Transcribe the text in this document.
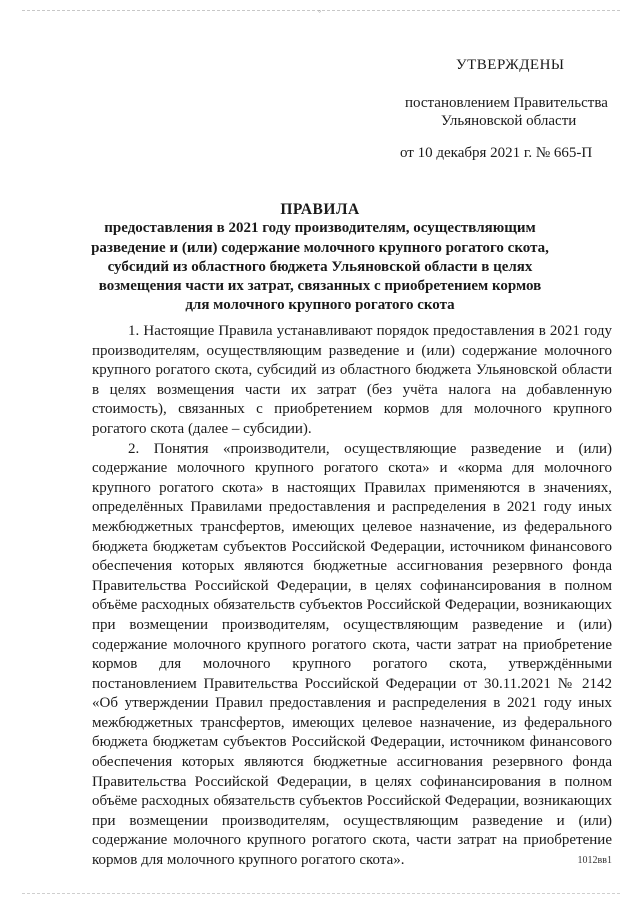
◦
УТВЕРЖДЕНЫ
постановлением Правительства
Ульяновской области
от 10 декабря 2021 г. № 665-П
ПРАВИЛА
предоставления в 2021 году производителям, осуществляющим разведение и (или) содержание молочного крупного рогатого скота, субсидий из областного бюджета Ульяновской области в целях возмещения части их затрат, связанных с приобретением кормов для молочного крупного рогатого скота

1. Настоящие Правила устанавливают порядок предоставления в 2021 году производителям, осуществляющим разведение и (или) содержание молочного крупного рогатого скота, субсидий из областного бюджета Ульяновской области в целях возмещения части их затрат (без учёта налога на добавленную стоимость), связанных с приобретением кормов для молочного крупного рогатого скота (далее – субсидии).

2. Понятия «производители, осуществляющие разведение и (или) содержание молочного крупного рогатого скота» и «корма для молочного крупного рогатого скота» в настоящих Правилах применяются в значениях, определённых Правилами предоставления и распределения в 2021 году иных межбюджетных трансфертов, имеющих целевое назначение, из федерального бюджета бюджетам субъектов Российской Федерации, источником финансового обеспечения которых являются бюджетные ассигнования резервного фонда Правительства Российской Федерации, в целях софинансирования в полном объёме расходных обязательств субъектов Российской Федерации, возникающих при возмещении производителям, осуществляющим разведение и (или) содержание молочного крупного рогатого скота, части затрат на приобретение кормов для молочного крупного рогатого скота, утверждёнными постановлением Правительства Российской Федерации от 30.11.2021 № 2142 «Об утверждении Правил предоставления и распределения в 2021 году иных межбюджетных трансфертов, имеющих целевое назначение, из федерального бюджета бюджетам субъектов Российской Федерации, источником финансового обеспечения которых являются бюджетные ассигнования резервного фонда Правительства Российской Федерации, в целях софинансирования в полном объёме расходных обязательств субъектов Российской Федерации, возникающих при возмещении производителям, осуществляющим разведение и (или) содержание молочного крупного рогатого скота, части затрат на приобретение кормов для молочного крупного рогатого скота».	1012вв1
